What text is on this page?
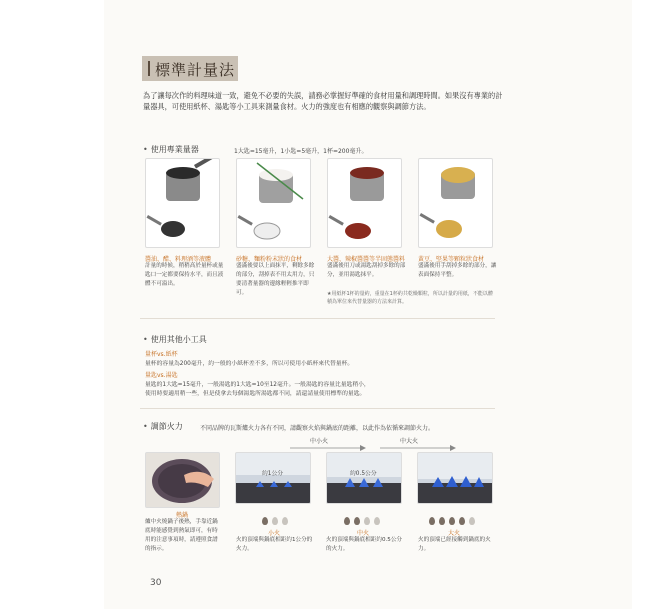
標準計量法
為了讓每次作的料理味道一致，避免不必要的失誤，請務必掌握好準確的食材用量和調理時間。如果沒有專業的計量器具，可使用紙杯、湯匙等小工具來測量食材。火力的強度也有相應的觀察與調節方法。
• 使用專業量器	1大匙=15毫升，1小匙=5毫升，1杯=200毫升。
醬油、醋、料理酒等液體
計量的時候，稍稍高於量杯或量匙口一定都要保持水平，而且液體不可溢出。
砂糖、麵粉粉末狀的食材
盛滿後要以上面抹平，剩餘多餘的部分，刮掉表不用太用力，只要清著量器的邊緣輕輕推平即可。
大醬、辣椒醬醬等半固態醬料
盛滿後用刀或湯匙刮掉多餘的部分，並用湯匙抹平。
黃豆、堅果等顆粒狀食材
盛滿後用手刮掉多餘的部分，讓表面保持平整。
★用紙杯1杯的量約，重量在1杯約共乾燥顆粒，所以計量的用紙，不能以體積為單位來代替量器的方法來計算。
• 使用其他小工具
量杯vs.紙杯
量杯的容量為200毫升，約一般的小紙杯差不多，所以可使用小紙杯來代替量杯。
量匙vs.湯匙
量匙的1大匙=15毫升，一般湯匙的1大匙=10至12毫升。一般湯匙的容量比量匙稍小，
使用時要適用稍一些，但是使拿去每個湯匙所湯匙都不同，請還請量使用標準的量匙。
• 調節火力	不同品牌的瓦斯爐火力各有不同，請觀察火焰與鍋底的距離，以此作為依循來調節火力。
熱鍋
爐中火燒鍋子後熱，手靠近鍋底時能感覺到熱氣即可，有時用的注意事項時，請遵照食譜的指示。
中小火	中大火
約1公分	約0.5公分
小火
火的頂端與鍋底相距約1公分的火力。
中火
火的頂端與鍋底相距約0.5公分的火力。
大火
火的頂端已經接觸到鍋底的火力。
30
